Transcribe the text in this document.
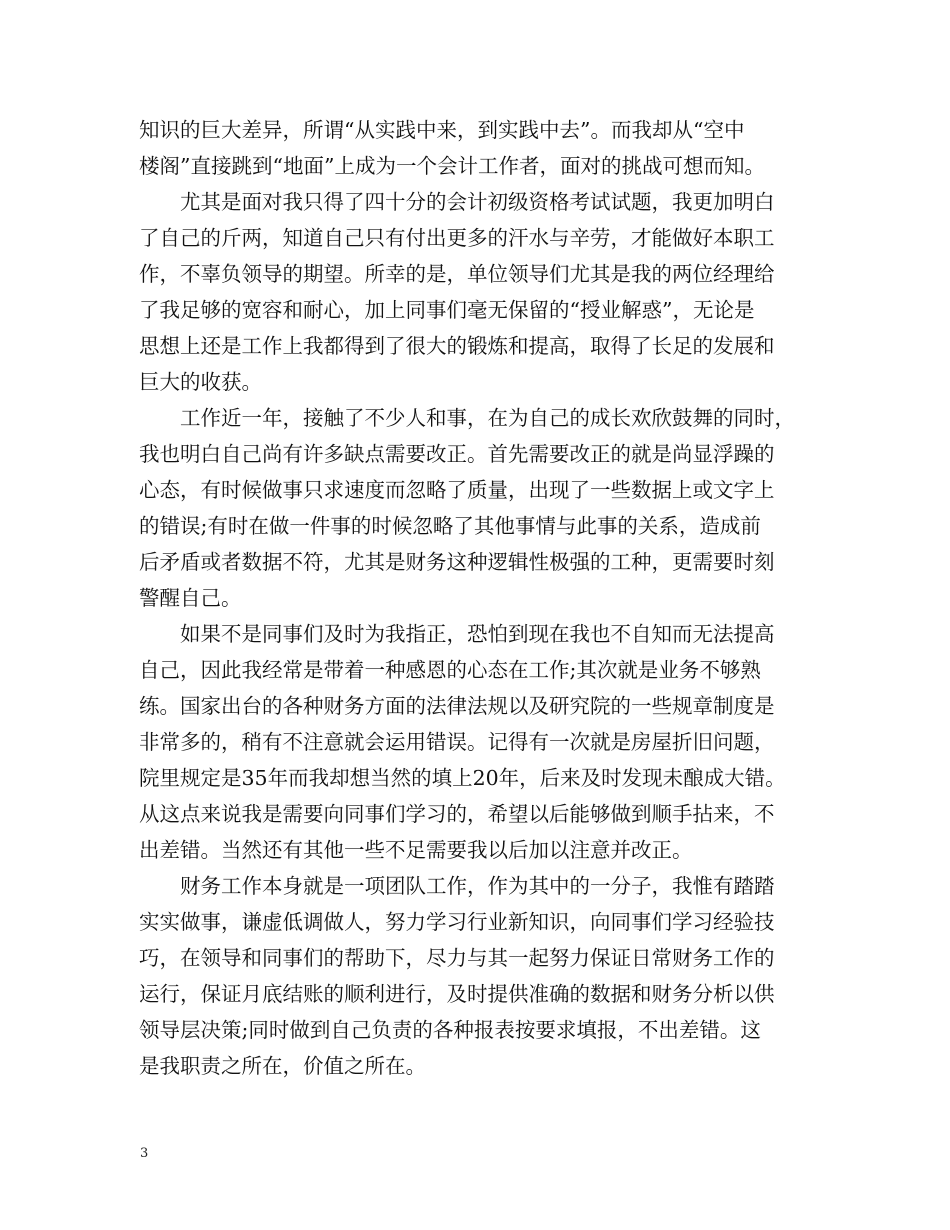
知识的巨大差异，所谓“从实践中来，到实践中去”。而我却从“空中
楼阁”直接跳到“地面”上成为一个会计工作者，面对的挑战可想而知。
　　尤其是面对我只得了四十分的会计初级资格考试试题，我更加明白
了自己的斤两，知道自己只有付出更多的汗水与辛劳，才能做好本职工
作，不辜负领导的期望。所幸的是，单位领导们尤其是我的两位经理给
了我足够的宽容和耐心，加上同事们毫无保留的“授业解惑”，无论是
思想上还是工作上我都得到了很大的锻炼和提高，取得了长足的发展和
巨大的收获。
　　工作近一年，接触了不少人和事，在为自己的成长欢欣鼓舞的同时，
我也明白自己尚有许多缺点需要改正。首先需要改正的就是尚显浮躁的
心态，有时候做事只求速度而忽略了质量，出现了一些数据上或文字上
的错误;有时在做一件事的时候忽略了其他事情与此事的关系，造成前
后矛盾或者数据不符，尤其是财务这种逻辑性极强的工种，更需要时刻
警醒自己。
　　如果不是同事们及时为我指正，恐怕到现在我也不自知而无法提高
自己，因此我经常是带着一种感恩的心态在工作;其次就是业务不够熟
练。国家出台的各种财务方面的法律法规以及研究院的一些规章制度是
非常多的，稍有不注意就会运用错误。记得有一次就是房屋折旧问题，
院里规定是35年而我却想当然的填上20年，后来及时发现未酿成大错。
从这点来说我是需要向同事们学习的，希望以后能够做到顺手拈来，不
出差错。当然还有其他一些不足需要我以后加以注意并改正。
　　财务工作本身就是一项团队工作，作为其中的一分子，我惟有踏踏
实实做事，谦虚低调做人，努力学习行业新知识，向同事们学习经验技
巧，在领导和同事们的帮助下，尽力与其一起努力保证日常财务工作的
运行，保证月底结账的顺利进行，及时提供准确的数据和财务分析以供
领导层决策;同时做到自己负责的各种报表按要求填报，不出差错。这
是我职责之所在，价值之所在。
3
